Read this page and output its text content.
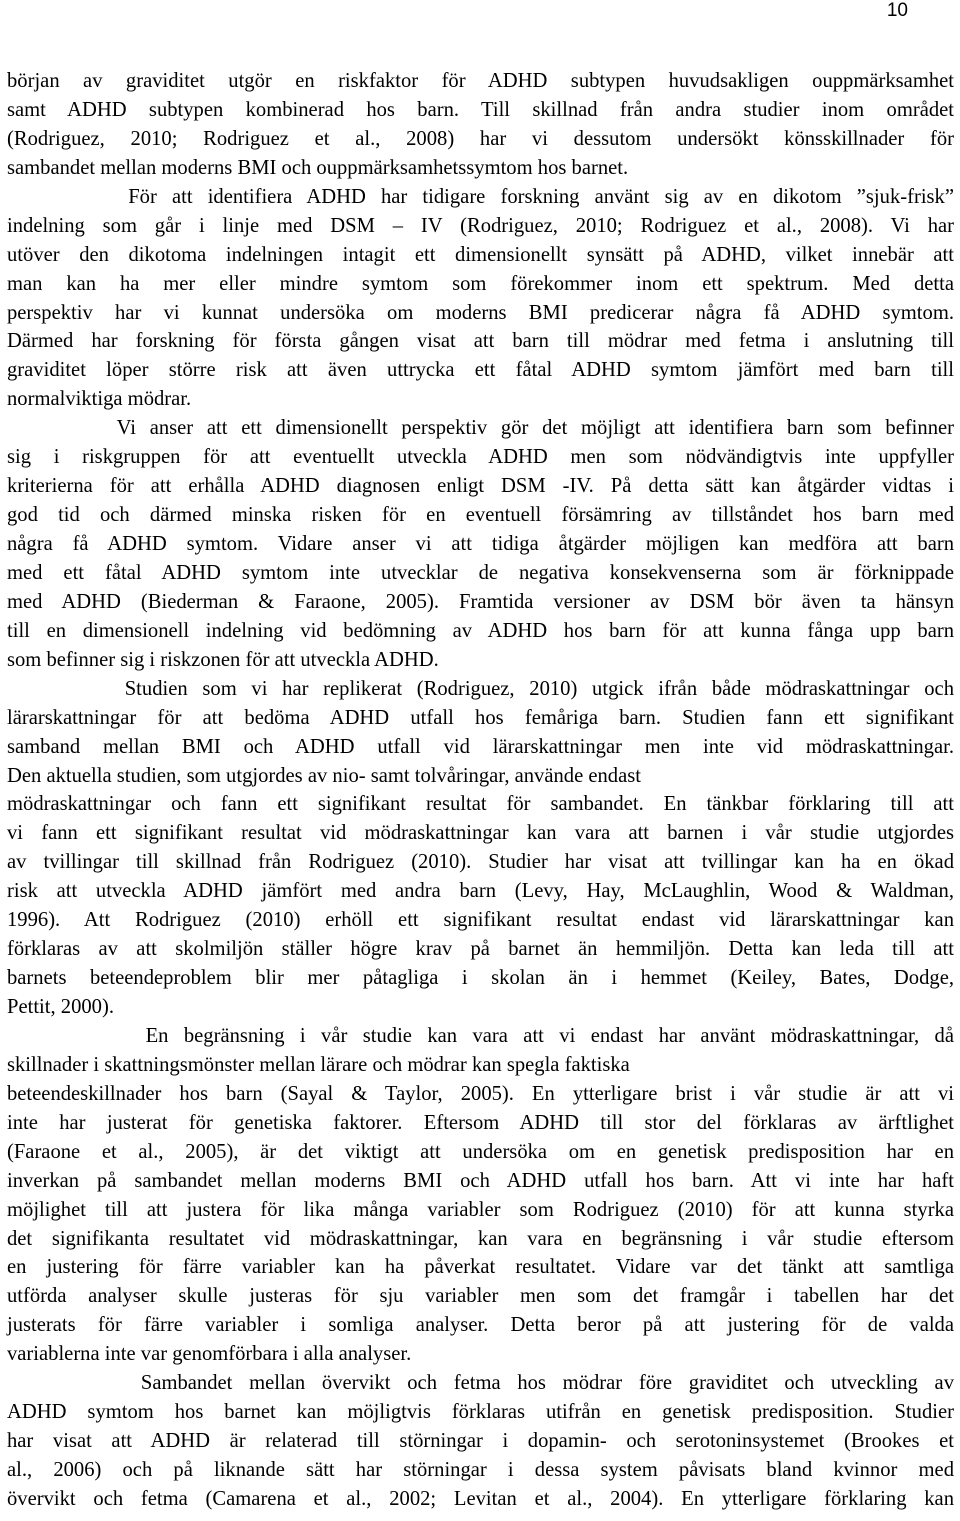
10
början av graviditet utgör en riskfaktor för ADHD subtypen huvudsakligen ouppmärksamhet
samt ADHD subtypen kombinerad hos barn. Till skillnad från andra studier inom området
(Rodriguez, 2010; Rodriguez et al., 2008) har vi dessutom undersökt könsskillnader för
sambandet mellan moderns BMI och ouppmärksamhetssymtom hos barnet.
För att identifiera ADHD har tidigare forskning använt sig av en dikotom ”sjuk-frisk”
indelning som går i linje med DSM – IV (Rodriguez, 2010; Rodriguez et al., 2008). Vi har
utöver den dikotoma indelningen intagit ett dimensionellt synsätt på ADHD, vilket innebär att
man kan ha mer eller mindre symtom som förekommer inom ett spektrum. Med detta
perspektiv har vi kunnat undersöka om moderns BMI predicerar några få ADHD symtom.
Därmed har forskning för första gången visat att barn till mödrar med fetma i anslutning till
graviditet löper större risk att även uttrycka ett fåtal ADHD symtom jämfört med barn till
normalviktiga mödrar.
Vi anser att ett dimensionellt perspektiv gör det möjligt att identifiera barn som befinner
sig i riskgruppen för att eventuellt utveckla ADHD men som nödvändigtvis inte uppfyller
kriterierna för att erhålla ADHD diagnosen enligt DSM -IV. På detta sätt kan åtgärder vidtas i
god tid och därmed minska risken för en eventuell försämring av tillståndet hos barn med
några få ADHD symtom. Vidare anser vi att tidiga åtgärder möjligen kan medföra att barn
med ett fåtal ADHD symtom inte utvecklar de negativa konsekvenserna som är förknippade
med ADHD (Biederman & Faraone, 2005). Framtida versioner av DSM bör även ta hänsyn
till en dimensionell indelning vid bedömning av ADHD hos barn för att kunna fånga upp barn
som befinner sig i riskzonen för att utveckla ADHD.
Studien som vi har replikerat (Rodriguez, 2010) utgick ifrån både mödraskattningar och
lärarskattningar för att bedöma ADHD utfall hos femåriga barn. Studien fann ett signifikant
samband mellan BMI och ADHD utfall vid lärarskattningar men inte vid mödraskattningar.
Den aktuella studien, som utgjordes av nio- samt tolvåringar, använde endast
mödraskattningar och fann ett signifikant resultat för sambandet. En tänkbar förklaring till att
vi fann ett signifikant resultat vid mödraskattningar kan vara att barnen i vår studie utgjordes
av tvillingar till skillnad från Rodriguez (2010). Studier har visat att tvillingar kan ha en ökad
risk att utveckla ADHD jämfört med andra barn (Levy, Hay, McLaughlin, Wood & Waldman,
1996). Att Rodriguez (2010) erhöll ett signifikant resultat endast vid lärarskattningar kan
förklaras av att skolmiljön ställer högre krav på barnet än hemmiljön. Detta kan leda till att
barnets beteendeproblem blir mer påtagliga i skolan än i hemmet (Keiley, Bates, Dodge,
Pettit, 2000).
En begränsning i vår studie kan vara att vi endast har använt mödraskattningar, då
skillnader i skattningsmönster mellan lärare och mödrar kan spegla faktiska
beteendeskillnader hos barn (Sayal & Taylor, 2005). En ytterligare brist i vår studie är att vi
inte har justerat för genetiska faktorer. Eftersom ADHD till stor del förklaras av ärftlighet
(Faraone et al., 2005), är det viktigt att undersöka om en genetisk predisposition har en
inverkan på sambandet mellan moderns BMI och ADHD utfall hos barn. Att vi inte har haft
möjlighet till att justera för lika många variabler som Rodriguez (2010) för att kunna styrka
det signifikanta resultatet vid mödraskattningar, kan vara en begränsning i vår studie eftersom
en justering för färre variabler kan ha påverkat resultatet. Vidare var det tänkt att samtliga
utförda analyser skulle justeras för sju variabler men som det framgår i tabellen har det
justerats för färre variabler i somliga analyser. Detta beror på att justering för de valda
variablerna inte var genomförbara i alla analyser.
Sambandet mellan övervikt och fetma hos mödrar före graviditet och utveckling av
ADHD symtom hos barnet kan möjligtvis förklaras utifrån en genetisk predisposition. Studier
har visat att ADHD är relaterad till störningar i dopamin- och serotoninsystemet (Brookes et
al., 2006) och på liknande sätt har störningar i dessa system påvisats bland kvinnor med
övervikt och fetma (Camarena et al., 2002; Levitan et al., 2004). En ytterligare förklaring kan
